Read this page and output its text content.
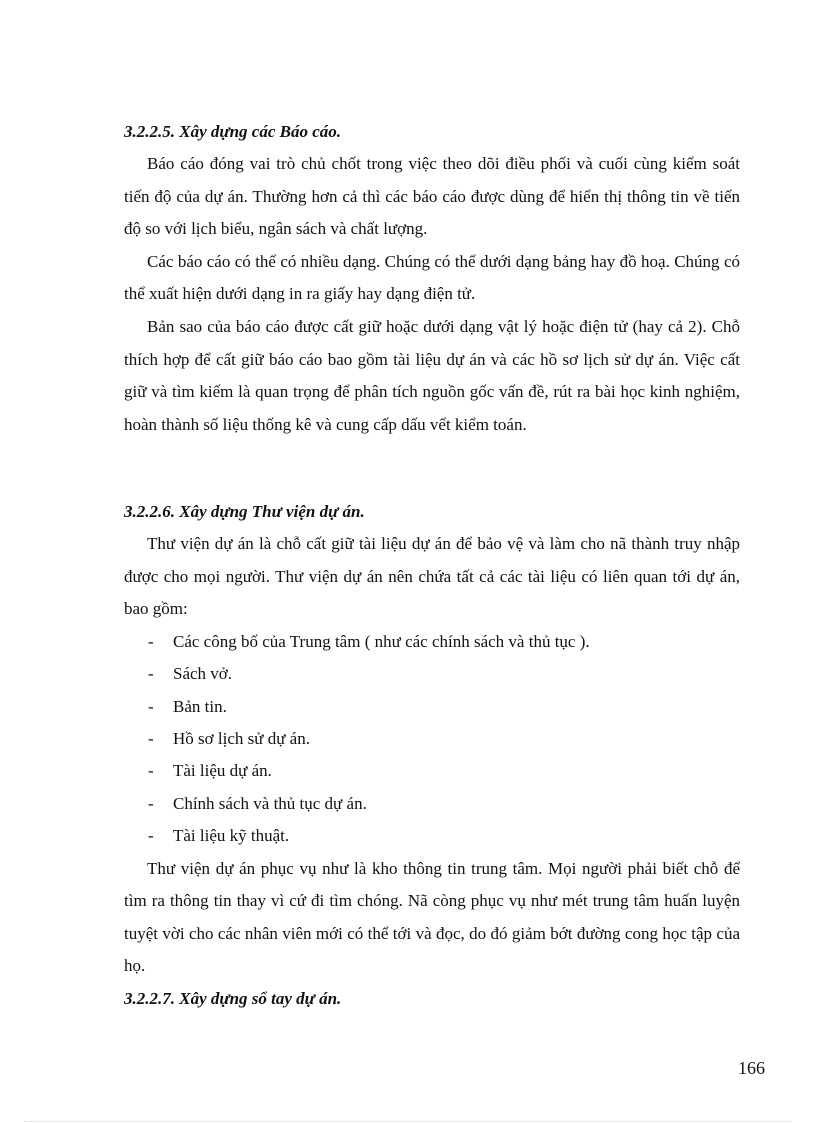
3.2.2.5. Xây dựng các Báo cáo.

Báo cáo đóng vai trò chủ chốt trong việc theo dõi điều phối và cuối cùng kiểm soát tiến độ của dự án. Thường hơn cả thì các báo cáo được dùng để hiển thị thông tin về tiến độ so với lịch biểu, ngân sách và chất lượng.

Các báo cáo có thể có nhiều dạng. Chúng có thể dưới dạng bảng hay đồ hoạ. Chúng có thể xuất hiện dưới dạng in ra giấy hay dạng điện tử.

Bản sao của báo cáo được cất giữ hoặc dưới dạng vật lý hoặc điện tử (hay cả 2). Chỗ thích hợp để cất giữ báo cáo bao gồm tài liệu dự án và các hồ sơ lịch sử dự án. Việc cất giữ và tìm kiếm là quan trọng để phân tích nguồn gốc vấn đề, rút ra bài học kinh nghiệm, hoàn thành số liệu thống kê và cung cấp dấu vết kiểm toán.

3.2.2.6. Xây dựng Thư viện dự án.

Thư viện dự án là chỗ cất giữ tài liệu dự án để bảo vệ và làm cho nã thành truy nhập được cho mọi người. Thư viện dự án nên chứa tất cả các tài liệu có liên quan tới dự án, bao gồm:

- Các công bố của Trung tâm ( như các chính sách và thủ tục ).
- Sách vở.
- Bản tin.
- Hồ sơ lịch sử dự án.
- Tài liệu dự án.
- Chính sách và thủ tục dự án.
- Tài liệu kỹ thuật.

Thư viện dự án phục vụ như là kho thông tin trung tâm. Mọi người phải biết chỗ để tìm ra thông tin thay vì cứ đi tìm chóng. Nã còng phục vụ như mét trung tâm huấn luyện tuyệt vời cho các nhân viên mới có thể tới và đọc, do đó giảm bớt đường cong học tập của họ.

3.2.2.7. Xây dựng sổ tay dự án.
166
